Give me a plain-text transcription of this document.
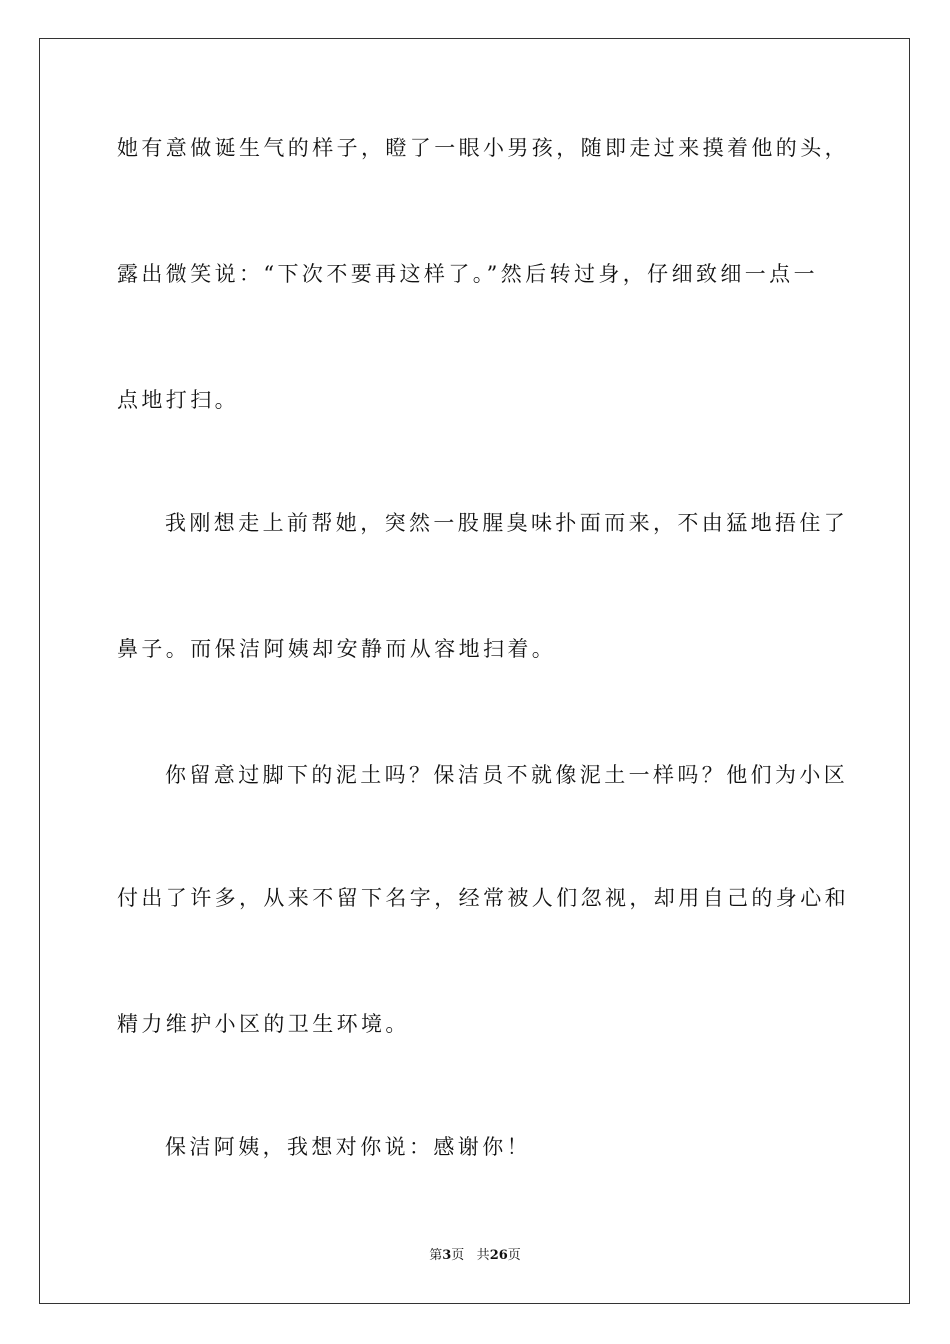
她有意做诞生气的样子，瞪了一眼小男孩，随即走过来摸着他的头，
露出微笑说：“下次不要再这样了。”然后转过身，仔细致细一点一
点地打扫。
我刚想走上前帮她，突然一股腥臭味扑面而来，不由猛地捂住了
鼻子。而保洁阿姨却安静而从容地扫着。
你留意过脚下的泥土吗？保洁员不就像泥土一样吗？他们为小区
付出了许多，从来不留下名字，经常被人们忽视，却用自己的身心和
精力维护小区的卫生环境。
保洁阿姨，我想对你说：感谢你！
第3页 共26页
